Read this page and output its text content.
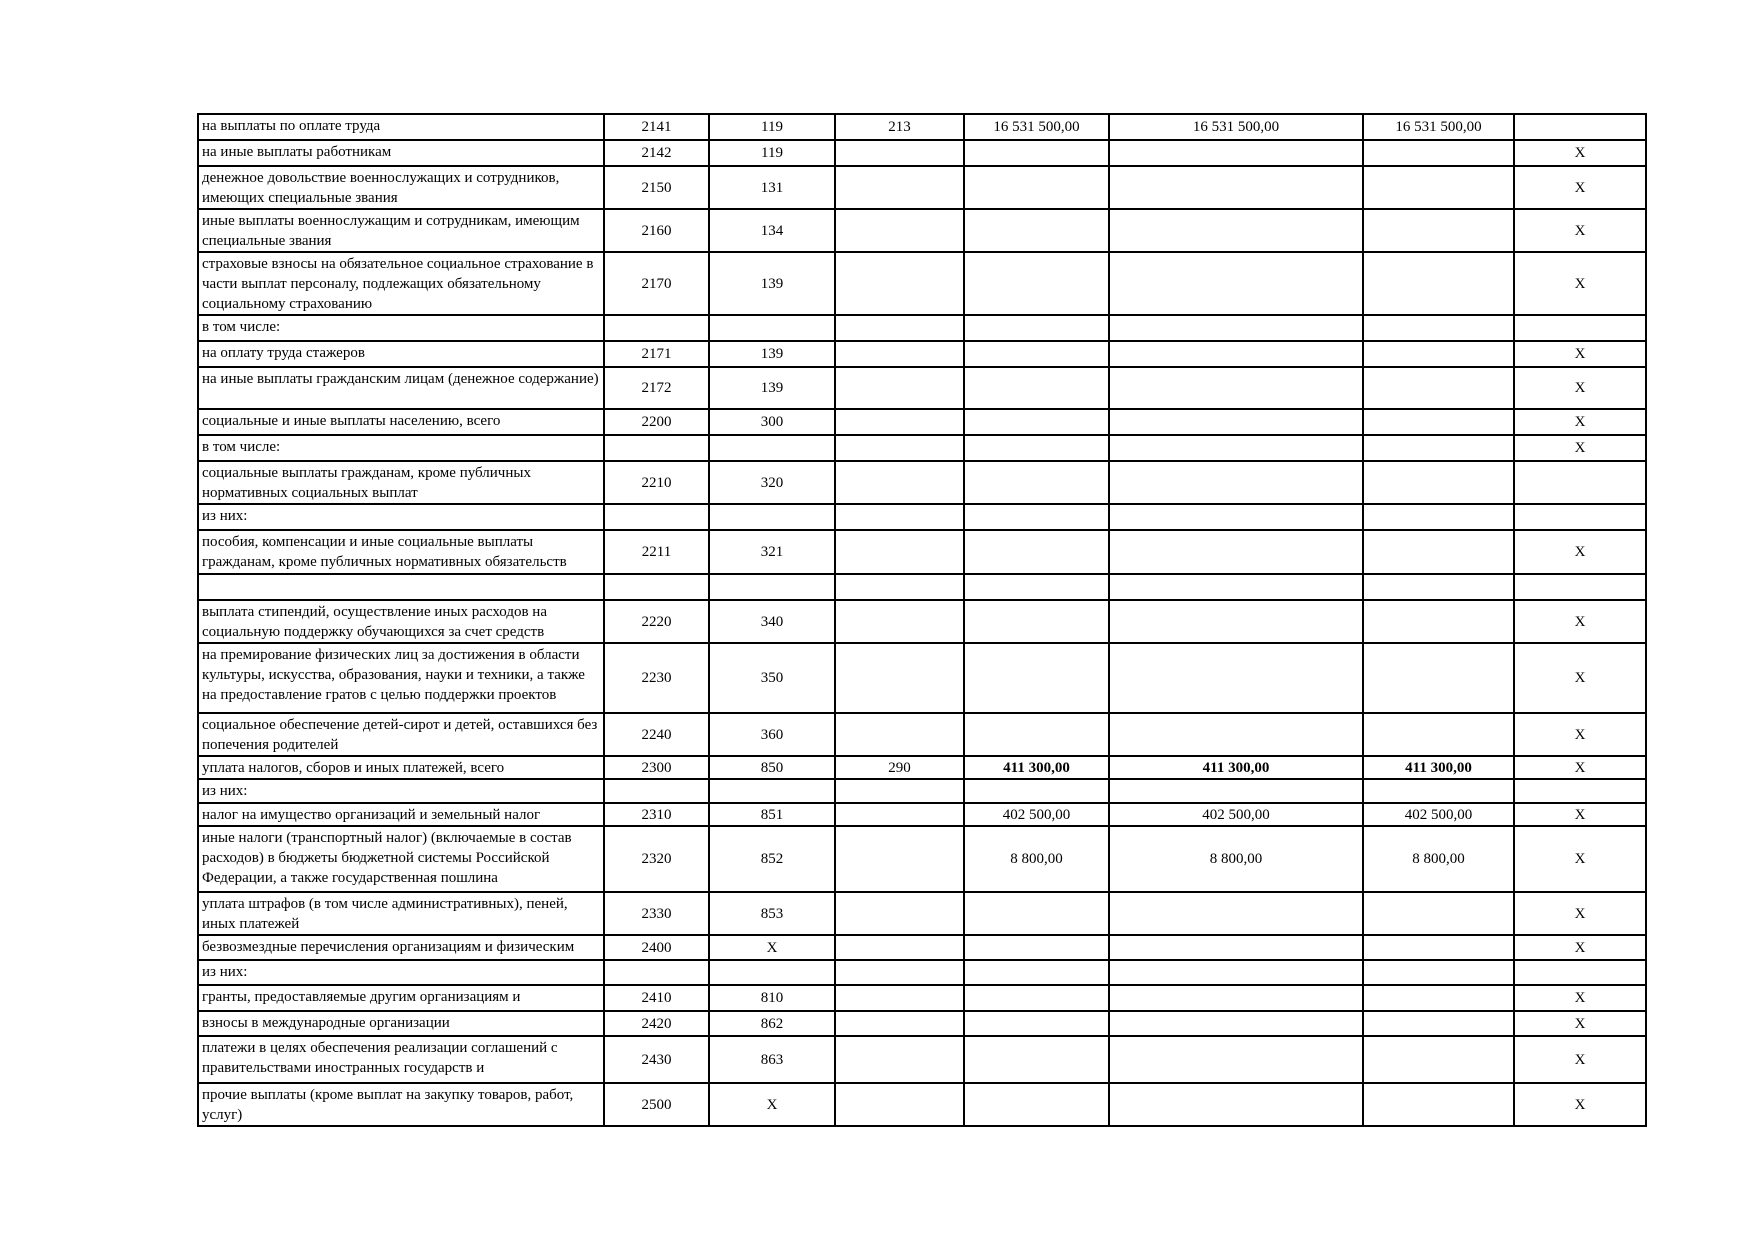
на выплаты по оплате труда	2141	119	213	16 531 500,00	16 531 500,00	16 531 500,00	
на иные выплаты работникам	2142	119					X
денежное довольствие военнослужащих и сотрудников, имеющих специальные звания	2150	131					X
иные выплаты военнослужащим и сотрудникам, имеющим специальные звания	2160	134					X
страховые взносы на обязательное социальное страхование в части выплат персоналу, подлежащих обязательному социальному страхованию	2170	139					X
в том числе:							
на оплату труда стажеров	2171	139					X
на иные выплаты гражданским лицам (денежное содержание)	2172	139					X
социальные и иные выплаты населению, всего	2200	300					X
в том числе:							X
социальные выплаты гражданам, кроме публичных нормативных социальных выплат	2210	320					
из них:							
пособия, компенсации и иные социальные выплаты гражданам, кроме публичных нормативных обязательств	2211	321					X

выплата стипендий, осуществление иных расходов на социальную поддержку обучающихся за счет средств	2220	340					X
на премирование физических лиц за достижения в области культуры, искусства, образования, науки и техники, а также на предоставление гратов с целью поддержки проектов	2230	350					X
социальное обеспечение детей-сирот и детей, оставшихся без попечения родителей	2240	360					X
уплата налогов, сборов и иных платежей, всего	2300	850	290	411 300,00	411 300,00	411 300,00	X
из них:							
налог на имущество организаций и земельный налог	2310	851		402 500,00	402 500,00	402 500,00	X
иные налоги (транспортный налог) (включаемые в состав расходов) в бюджеты бюджетной системы Российской Федерации, а также государственная пошлина	2320	852		8 800,00	8 800,00	8 800,00	X
уплата штрафов (в том числе административных), пеней, иных платежей	2330	853					X
безвозмездные перечисления организациям и физическим	2400	X					X
из них:							
гранты, предоставляемые другим организациям и	2410	810					X
взносы в международные организации	2420	862					X
платежи в целях обеспечения реализации соглашений с правительствами иностранных государств и	2430	863					X
прочие выплаты (кроме выплат на закупку товаров, работ, услуг)	2500	X					X
